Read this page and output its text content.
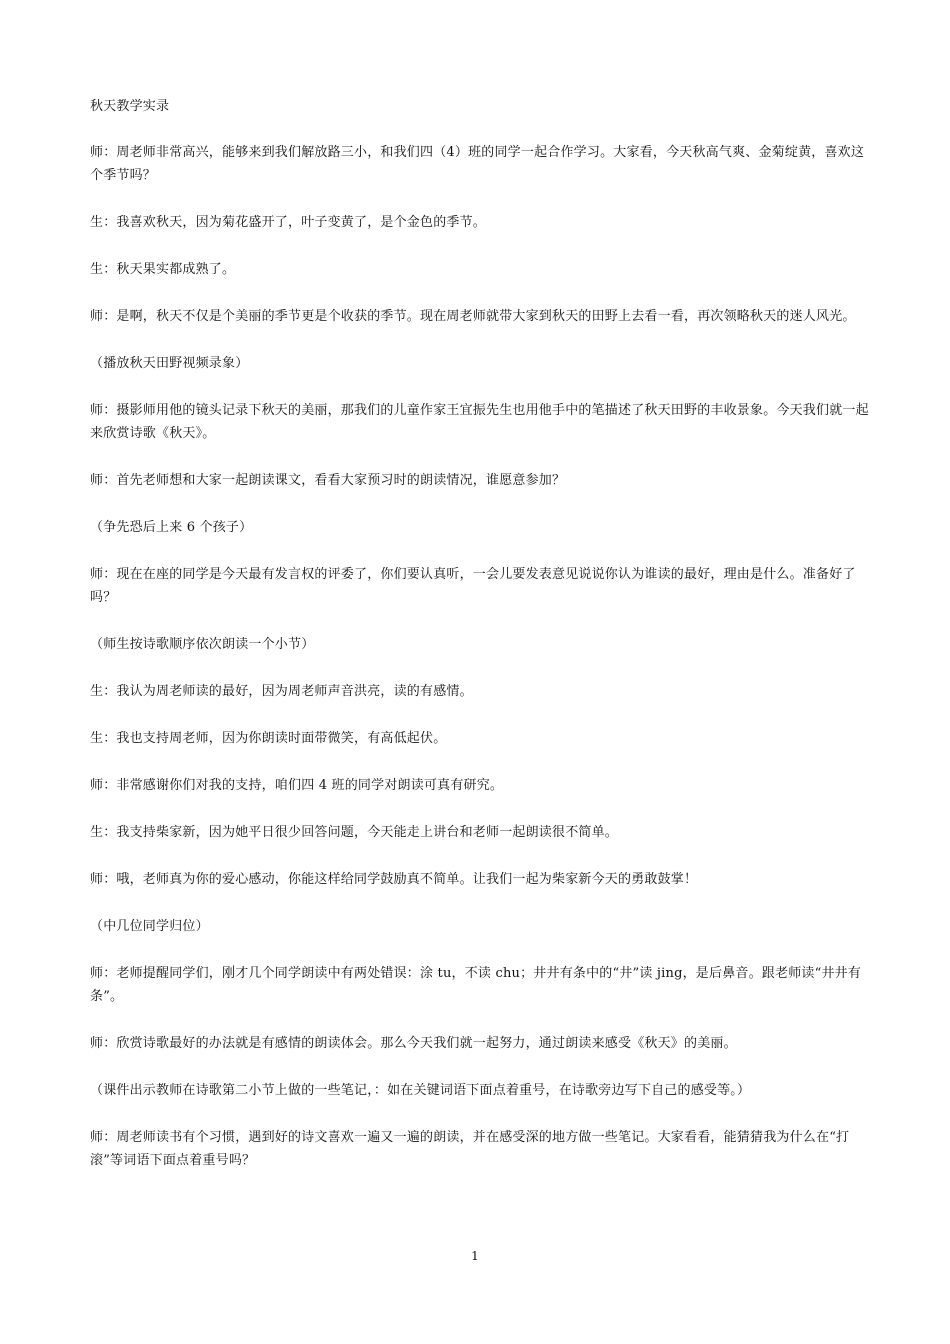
秋天教学实录

师：周老师非常高兴，能够来到我们解放路三小，和我们四（4）班的同学一起合作学习。大家看，今天秋高气爽、金菊绽黄，喜欢这个季节吗？

生：我喜欢秋天，因为菊花盛开了，叶子变黄了，是个金色的季节。

生：秋天果实都成熟了。

师：是啊，秋天不仅是个美丽的季节更是个收获的季节。现在周老师就带大家到秋天的田野上去看一看，再次领略秋天的迷人风光。

（播放秋天田野视频录象）

师：摄影师用他的镜头记录下秋天的美丽，那我们的儿童作家王宜振先生也用他手中的笔描述了秋天田野的丰收景象。今天我们就一起来欣赏诗歌《秋天》。

师：首先老师想和大家一起朗读课文，看看大家预习时的朗读情况，谁愿意参加？

（争先恐后上来 6 个孩子）

师：现在在座的同学是今天最有发言权的评委了，你们要认真听，一会儿要发表意见说说你认为谁读的最好，理由是什么。准备好了吗？

（师生按诗歌顺序依次朗读一个小节）

生：我认为周老师读的最好，因为周老师声音洪亮，读的有感情。

生：我也支持周老师，因为你朗读时面带微笑，有高低起伏。

师：非常感谢你们对我的支持，咱们四 4 班的同学对朗读可真有研究。

生：我支持柴家新，因为她平日很少回答问题，今天能走上讲台和老师一起朗读很不简单。

师：哦，老师真为你的爱心感动，你能这样给同学鼓励真不简单。让我们一起为柴家新今天的勇敢鼓掌！

（中几位同学归位）

师：老师提醒同学们，刚才几个同学朗读中有两处错误：涂 tu，不读 chu；井井有条中的“井”读 jing，是后鼻音。跟老师读“井井有条”。

师：欣赏诗歌最好的办法就是有感情的朗读体会。那么今天我们就一起努力，通过朗读来感受《秋天》的美丽。

（课件出示教师在诗歌第二小节上做的一些笔记，：如在关键词语下面点着重号，在诗歌旁边写下自己的感受等。）

师：周老师读书有个习惯，遇到好的诗文喜欢一遍又一遍的朗读，并在感受深的地方做一些笔记。大家看看，能猜猜我为什么在“打滚”等词语下面点着重号吗？

1
